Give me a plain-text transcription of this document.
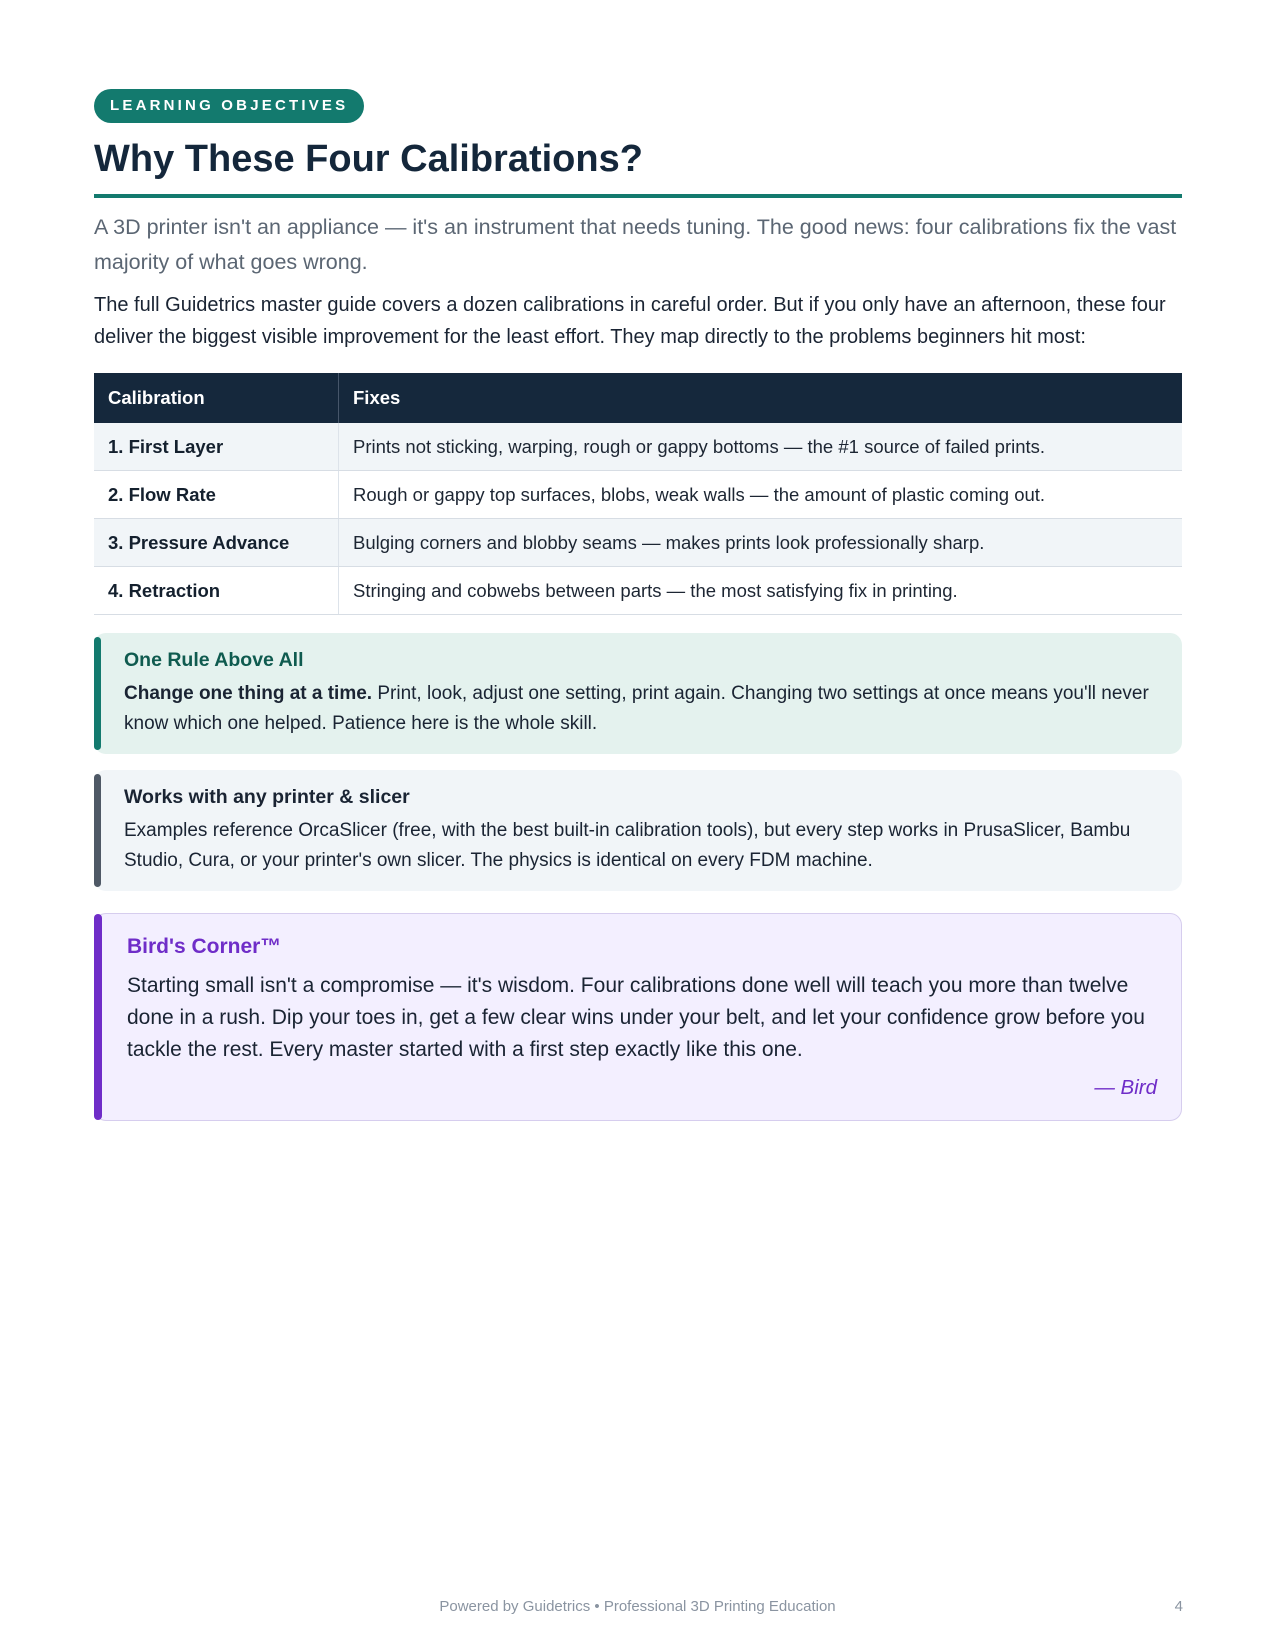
LEARNING OBJECTIVES
Why These Four Calibrations?

A 3D printer isn't an appliance — it's an instrument that needs tuning. The good news: four calibrations fix the vast majority of what goes wrong.

The full Guidetrics master guide covers a dozen calibrations in careful order. But if you only have an afternoon, these four deliver the biggest visible improvement for the least effort. They map directly to the problems beginners hit most:

Calibration	Fixes
1. First Layer	Prints not sticking, warping, rough or gappy bottoms — the #1 source of failed prints.
2. Flow Rate	Rough or gappy top surfaces, blobs, weak walls — the amount of plastic coming out.
3. Pressure Advance	Bulging corners and blobby seams — makes prints look professionally sharp.
4. Retraction	Stringing and cobwebs between parts — the most satisfying fix in printing.
One Rule Above All
Change one thing at a time. Print, look, adjust one setting, print again. Changing two settings at once means you'll never know which one helped. Patience here is the whole skill.
Works with any printer & slicer
Examples reference OrcaSlicer (free, with the best built-in calibration tools), but every step works in PrusaSlicer, Bambu Studio, Cura, or your printer's own slicer. The physics is identical on every FDM machine.
Bird's Corner™
Starting small isn't a compromise — it's wisdom. Four calibrations done well will teach you more than twelve done in a rush. Dip your toes in, get a few clear wins under your belt, and let your confidence grow before you tackle the rest. Every master started with a first step exactly like this one.
— Bird
Powered by Guidetrics • Professional 3D Printing Education	4
